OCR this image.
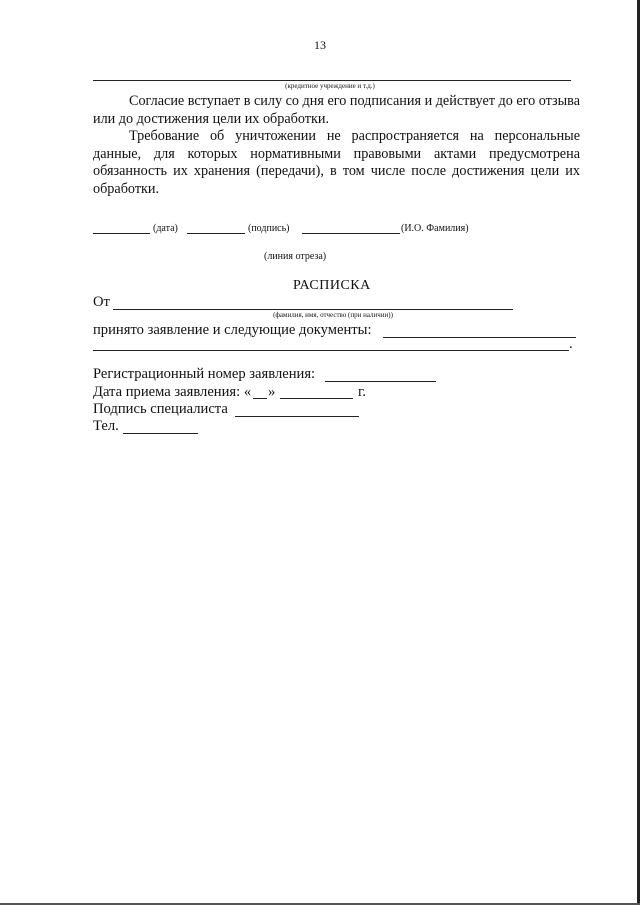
13
(кредитное учреждение и т.д.)
Согласие вступает в силу со дня его подписания и действует до его отзыва или до достижения цели их обработки.
Требование об уничтожении не распространяется на персональные данные, для которых нормативными правовыми актами предусмотрена обязанность их хранения (передачи), в том числе после достижения цели их обработки.
(дата)	(подпись)	(И.О. Фамилия)
(линия отреза)
РАСПИСКА
От
(фамилия, имя, отчество (при наличии))
принято заявление и следующие документы:
.
Регистрационный номер заявления:
Дата приема заявления: « »	г.
Подпись специалиста
Тел.
